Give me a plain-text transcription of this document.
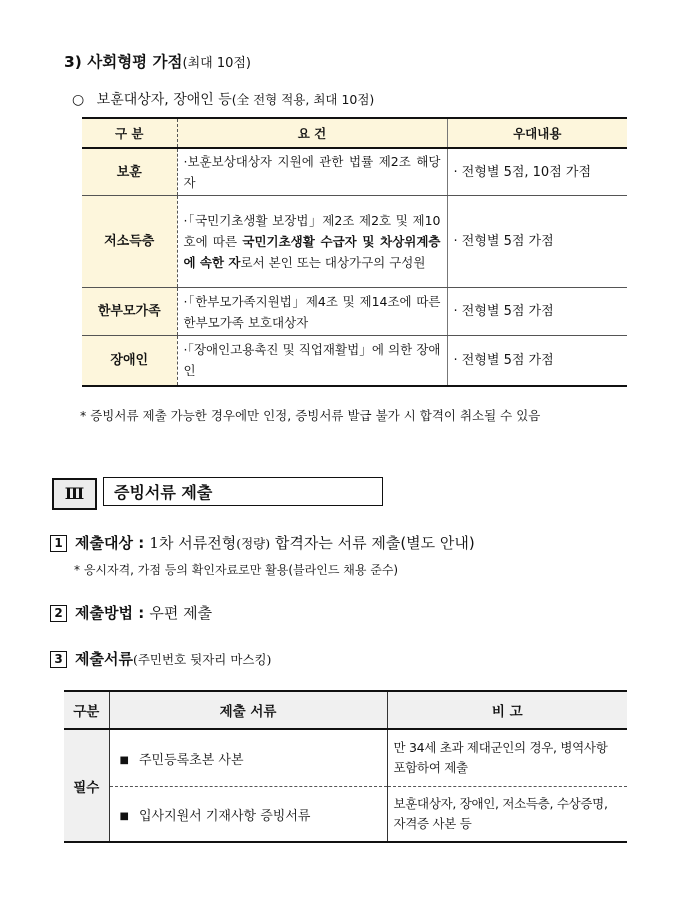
3) 사회형평 가점(최대 10점)
○ 보훈대상자, 장애인 등(全 전형 적용, 최대 10점)
구 분	요 건	우대내용
보훈	·보훈보상대상자 지원에 관한 법률 제2조 해당자	· 전형별 5점, 10점 가점
저소득층	·「국민기초생활 보장법」제2조 제2호 및 제10호에 따른 국민기초생활 수급자 및 차상위계층에 속한 자로서 본인 또는 대상가구의 구성원	· 전형별 5점 가점
한부모가족	·「한부모가족지원법」제4조 및 제14조에 따른 한부모가족 보호대상자	· 전형별 5점 가점
장애인	·「장애인고용촉진 및 직업재활법」에 의한 장애인	· 전형별 5점 가점
* 증빙서류 제출 가능한 경우에만 인정, 증빙서류 발급 불가 시 합격이 취소될 수 있음
Ⅲ	증빙서류 제출
1 제출대상 : 1차 서류전형(정량) 합격자는 서류 제출(별도 안내)
* 응시자격, 가점 등의 확인자료로만 활용(블라인드 채용 준수)
2 제출방법 : 우편 제출
3 제출서류(주민번호 뒷자리 마스킹)
구분	제출 서류	비 고
필수	■ 주민등록초본 사본	만 34세 초과 제대군인의 경우, 병역사항 포함하여 제출
	■ 입사지원서 기재사항 증빙서류	보훈대상자, 장애인, 저소득층, 수상증명, 자격증 사본 등
